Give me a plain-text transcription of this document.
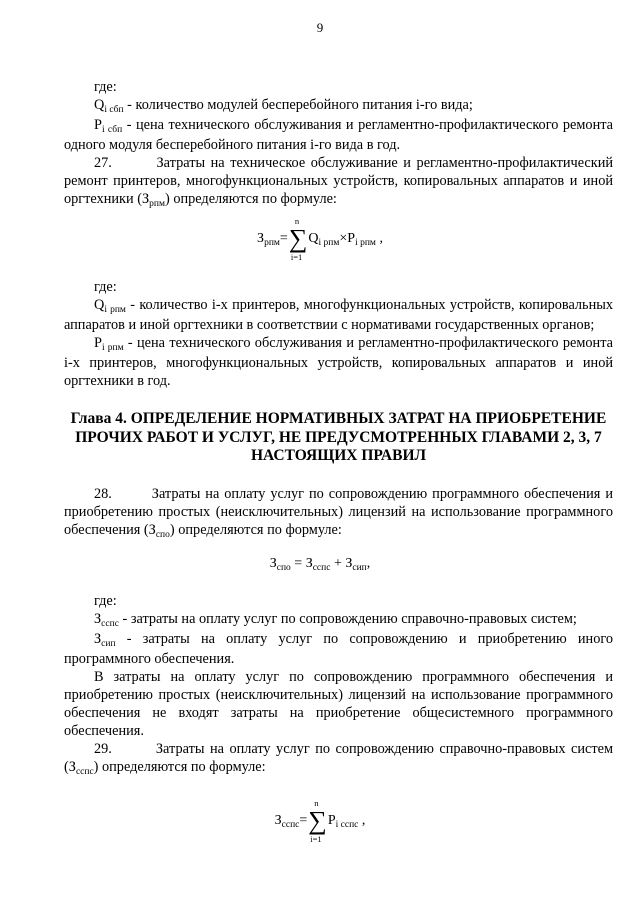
9

где:

$Q_{i сбп}$ - количество модулей бесперебойного питания i-го вида;

$P_{i сбп}$ - цена технического обслуживания и регламентно-профилактического ремонта одного модуля бесперебойного питания i-го вида в год.

27.        Затраты на техническое обслуживание и регламентно-профилактический ремонт принтеров, многофункциональных устройств, копировальных аппаратов и иной оргтехники $(З_{рпм})$ определяются по формуле:

$З_{рпм}=\sum$
n
i=1
$Q_{i рпм}\times P_{i рпм}$ ,

где:

$Q_{i рпм}$ - количество i-х принтеров, многофункциональных устройств, копировальных аппаратов и иной оргтехники в соответствии с нормативами государственных органов;

$P_{i рпм}$ - цена технического обслуживания и регламентно-профилактического ремонта i-х принтеров, многофункциональных устройств, копировальных аппаратов и иной оргтехники в год.

Глава 4. ОПРЕДЕЛЕНИЕ НОРМАТИВНЫХ ЗАТРАТ НА ПРИОБРЕТЕНИЕ
ПРОЧИХ РАБОТ И УСЛУГ, НЕ ПРЕДУСМОТРЕННЫХ ГЛАВАМИ 2, 3, 7
НАСТОЯЩИХ ПРАВИЛ

28.        Затраты на оплату услуг по сопровождению программного обеспечения и приобретению простых (неисключительных) лицензий на использование программного обеспечения $(З_{спо})$ определяются по формуле:

$З_{спо} = З_{сспс} + З_{сип}$,

где:

$З_{сспс}$ - затраты на оплату услуг по сопровождению справочно-правовых систем;

$З_{сип}$ - затраты на оплату услуг по сопровождению и приобретению иного программного обеспечения.

В затраты на оплату услуг по сопровождению программного обеспечения и приобретению простых (неисключительных) лицензий на использование программного обеспечения не входят затраты на приобретение общесистемного программного обеспечения.

29.        Затраты на оплату услуг по сопровождению справочно-правовых систем $(З_{сспс})$ определяются по формуле:

$З_{сспс}=\sum$
n
i=1
$P_{i сспс}$ ,
